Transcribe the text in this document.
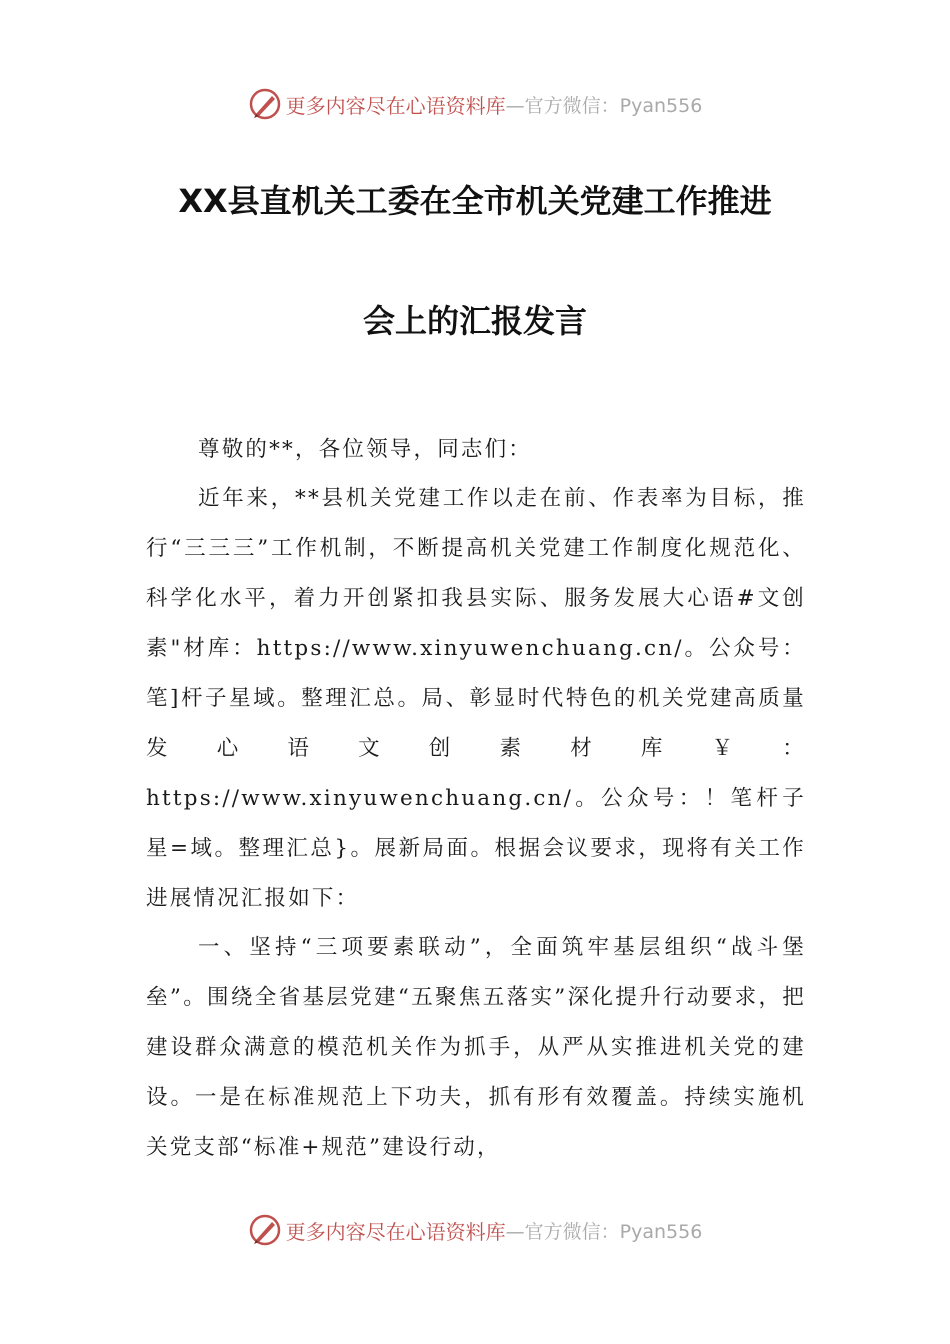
更多内容尽在心语资料库 —官方微信：Pyan556
XX县直机关工委在全市机关党建工作推进
会上的汇报发言

尊敬的**，各位领导，同志们：

近年来，**县机关党建工作以走在前、作表率为目标，推行“三三三”工作机制，不断提高机关党建工作制度化规范化、科学化水平，着力开创紧扣我县实际、服务发展大心语#文创素"材库：https://www.xinyuwenchuang.cn/。公众号：笔]杆子星域。整理汇总。局、彰显时代特色的机关党建高质量发心语文创素材库￥：https://www.xinyuwenchuang.cn/。公众号：！笔杆子星=域。整理汇总}。展新局面。根据会议要求，现将有关工作进展情况汇报如下：

一、坚持“三项要素联动”，全面筑牢基层组织“战斗堡垒”。围绕全省基层党建“五聚焦五落实”深化提升行动要求，把建设群众满意的模范机关作为抓手，从严从实推进机关党的建设。一是在标准规范上下功夫，抓有形有效覆盖。持续实施机关党支部“标准+规范”建设行动，

更多内容尽在心语资料库 —官方微信：Pyan556
